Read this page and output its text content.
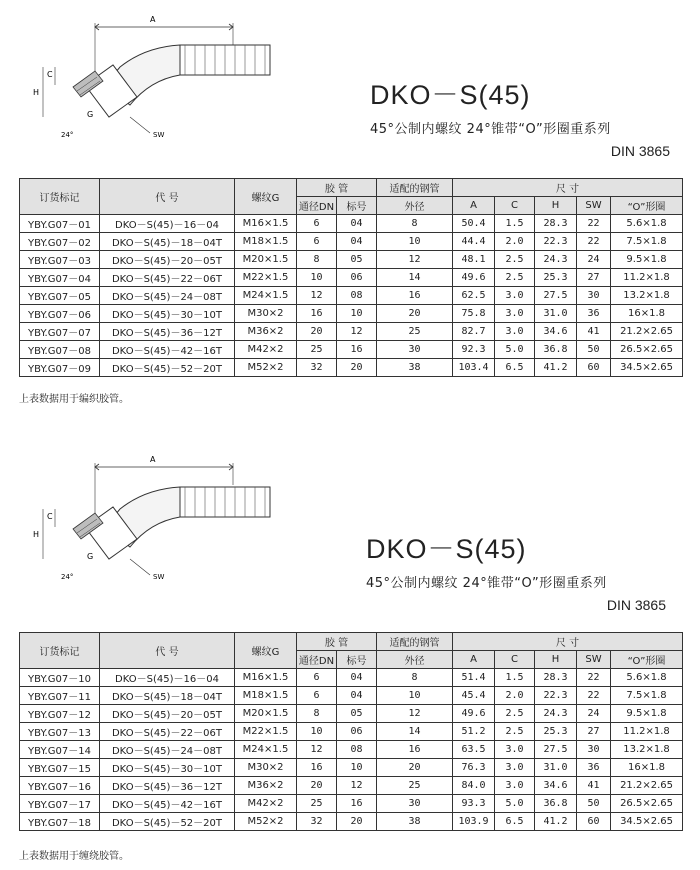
A
H
C
G
24°	SW
DKO－S(45)
45°公制内螺纹 24°锥带“O”形圈重系列
DIN 3865
订货标记	代 号	螺纹G	胶 管		适配的钢管	尺 寸				
			通径DN	标号	外径	A	C	H	SW	“O”形圈
YBY.G07－01	DKO－S(45)－16－04	M16×1.5	6	04	8	50.4	1.5	28.3	22	5.6×1.8
YBY.G07－02	DKO－S(45)－18－04T	M18×1.5	6	04	10	44.4	2.0	22.3	22	7.5×1.8
YBY.G07－03	DKO－S(45)－20－05T	M20×1.5	8	05	12	48.1	2.5	24.3	24	9.5×1.8
YBY.G07－04	DKO－S(45)－22－06T	M22×1.5	10	06	14	49.6	2.5	25.3	27	11.2×1.8
YBY.G07－05	DKO－S(45)－24－08T	M24×1.5	12	08	16	62.5	3.0	27.5	30	13.2×1.8
YBY.G07－06	DKO－S(45)－30－10T	M30×2	16	10	20	75.8	3.0	31.0	36	16×1.8
YBY.G07－07	DKO－S(45)－36－12T	M36×2	20	12	25	82.7	3.0	34.6	41	21.2×2.65
YBY.G07－08	DKO－S(45)－42－16T	M42×2	25	16	30	92.3	5.0	36.8	50	26.5×2.65
YBY.G07－09	DKO－S(45)－52－20T	M52×2	32	20	38	103.4	6.5	41.2	60	34.5×2.65
上表数据用于编织胶管。
A
H
C
G
24°	SW
DKO－S(45)
45°公制内螺纹 24°锥带“O”形圈重系列
DIN 3865
订货标记	代 号	螺纹G	胶 管		适配的钢管	尺 寸				
			通径DN	标号	外径	A	C	H	SW	“O”形圈
YBY.G07－10	DKO－S(45)－16－04	M16×1.5	6	04	8	51.4	1.5	28.3	22	5.6×1.8
YBY.G07－11	DKO－S(45)－18－04T	M18×1.5	6	04	10	45.4	2.0	22.3	22	7.5×1.8
YBY.G07－12	DKO－S(45)－20－05T	M20×1.5	8	05	12	49.6	2.5	24.3	24	9.5×1.8
YBY.G07－13	DKO－S(45)－22－06T	M22×1.5	10	06	14	51.2	2.5	25.3	27	11.2×1.8
YBY.G07－14	DKO－S(45)－24－08T	M24×1.5	12	08	16	63.5	3.0	27.5	30	13.2×1.8
YBY.G07－15	DKO－S(45)－30－10T	M30×2	16	10	20	76.3	3.0	31.0	36	16×1.8
YBY.G07－16	DKO－S(45)－36－12T	M36×2	20	12	25	84.0	3.0	34.6	41	21.2×2.65
YBY.G07－17	DKO－S(45)－42－16T	M42×2	25	16	30	93.3	5.0	36.8	50	26.5×2.65
YBY.G07－18	DKO－S(45)－52－20T	M52×2	32	20	38	103.9	6.5	41.2	60	34.5×2.65
上表数据用于缠绕胶管。
